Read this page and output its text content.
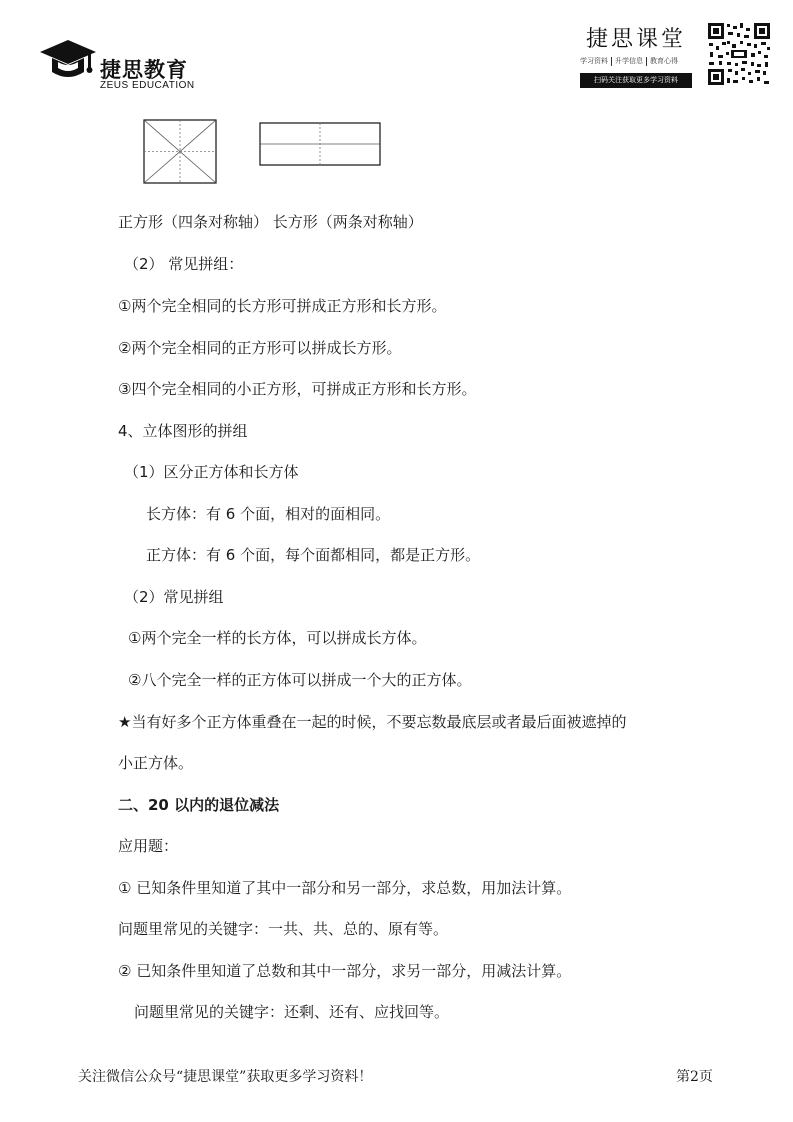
捷思教育
ZEUS EDUCATION
捷思课堂
学习资料 升学信息 教育心得
扫码关注获取更多学习资料
正方形（四条对称轴） 长方形（两条对称轴）
（2） 常见拼组：
①两个完全相同的长方形可拼成正方形和长方形。
②两个完全相同的正方形可以拼成长方形。
③四个完全相同的小正方形，可拼成正方形和长方形。
4、立体图形的拼组
（1）区分正方体和长方体
长方体：有 6 个面，相对的面相同。
正方体：有 6 个面，每个面都相同，都是正方形。
（2）常见拼组
①两个完全一样的长方体，可以拼成长方体。
②八个完全一样的正方体可以拼成一个大的正方体。
★当有好多个正方体重叠在一起的时候，不要忘数最底层或者最后面被遮掉的
小正方体。
二、20 以内的退位减法
应用题：
① 已知条件里知道了其中一部分和另一部分，求总数，用加法计算。
问题里常见的关键字：一共、共、总的、原有等。
② 已知条件里知道了总数和其中一部分，求另一部分，用减法计算。
问题里常见的关键字：还剩、还有、应找回等。
关注微信公众号“捷思课堂”获取更多学习资料！	第2页
